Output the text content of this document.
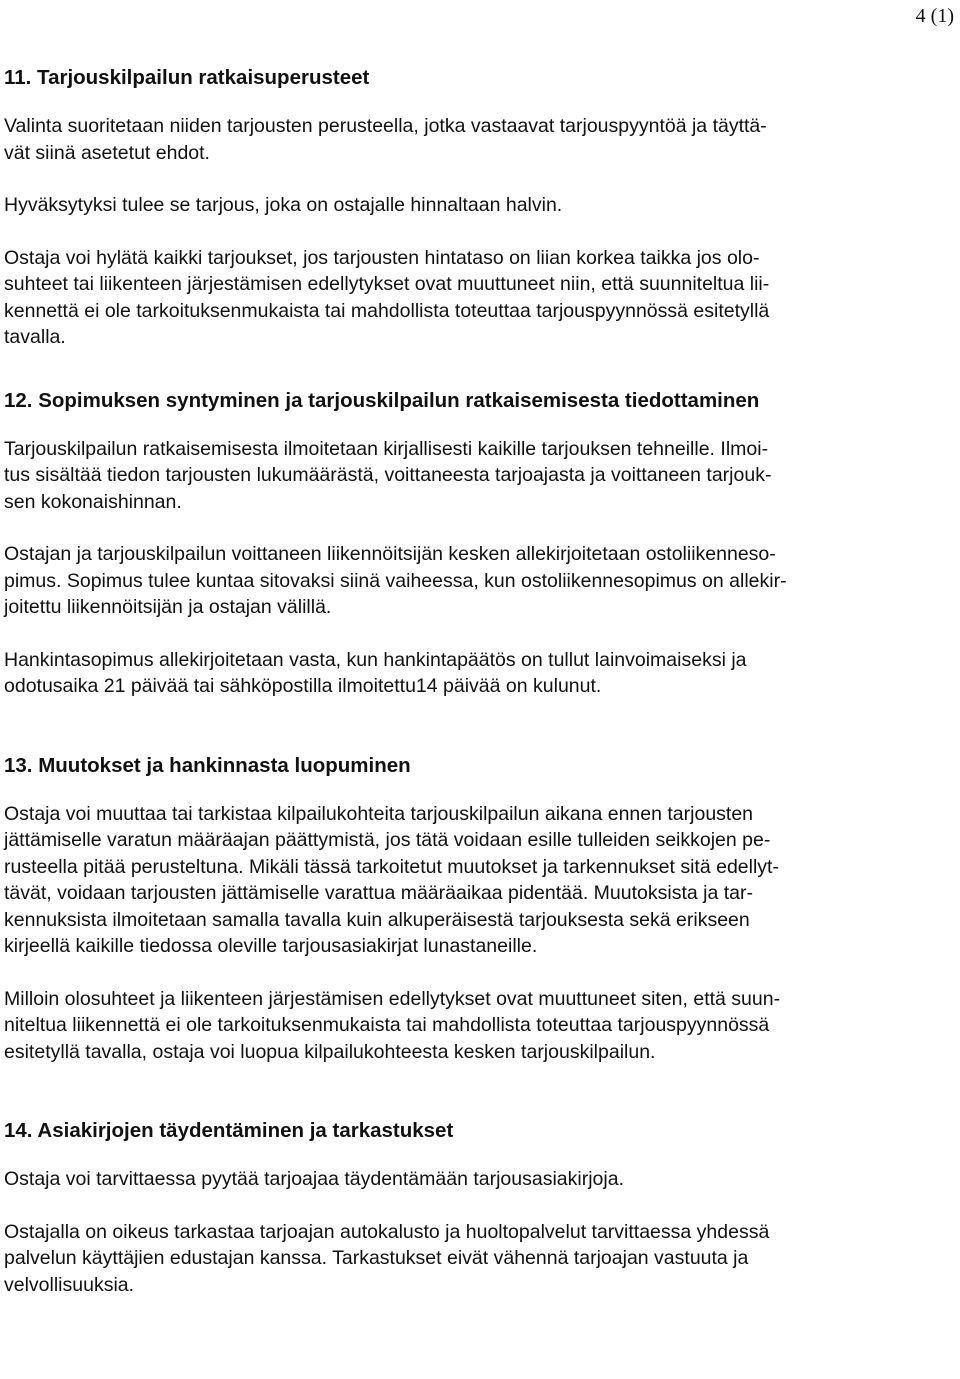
4 (1)
11. Tarjouskilpailun ratkaisuperusteet

Valinta suoritetaan niiden tarjousten perusteella, jotka vastaavat tarjouspyyntöä ja täyttä-
vät siinä asetetut ehdot.

Hyväksytyksi tulee se tarjous, joka on ostajalle hinnaltaan halvin.

Ostaja voi hylätä kaikki tarjoukset, jos tarjousten hintataso on liian korkea taikka jos olo-
suhteet tai liikenteen järjestämisen edellytykset ovat muuttuneet niin, että suunniteltua lii-
kennettä ei ole tarkoituksenmukaista tai mahdollista toteuttaa tarjouspyynnössä esitetyllä
tavalla.

12. Sopimuksen syntyminen ja tarjouskilpailun ratkaisemisesta tiedottaminen

Tarjouskilpailun ratkaisemisesta ilmoitetaan kirjallisesti kaikille tarjouksen tehneille. Ilmoi-
tus sisältää tiedon tarjousten lukumäärästä, voittaneesta tarjoajasta ja voittaneen tarjouk-
sen kokonaishinnan.

Ostajan ja tarjouskilpailun voittaneen liikennöitsijän kesken allekirjoitetaan ostoliikenneso-
pimus. Sopimus tulee kuntaa sitovaksi siinä vaiheessa, kun ostoliikennesopimus on allekir-
joitettu liikennöitsijän ja ostajan välillä.

Hankintasopimus allekirjoitetaan vasta, kun hankintapäätös on tullut lainvoimaiseksi ja
odotusaika 21 päivää tai sähköpostilla ilmoitettu14 päivää on kulunut.

13. Muutokset ja hankinnasta luopuminen

Ostaja voi muuttaa tai tarkistaa kilpailukohteita tarjouskilpailun aikana ennen tarjousten
jättämiselle varatun määräajan päättymistä, jos tätä voidaan esille tulleiden seikkojen pe-
rusteella pitää perusteltuna. Mikäli tässä tarkoitetut muutokset ja tarkennukset sitä edellyt-
tävät, voidaan tarjousten jättämiselle varattua määräaikaa pidentää. Muutoksista ja tar-
kennuksista ilmoitetaan samalla tavalla kuin alkuperäisestä tarjouksesta sekä erikseen
kirjeellä kaikille tiedossa oleville tarjousasiakirjat lunastaneille.

Milloin olosuhteet ja liikenteen järjestämisen edellytykset ovat muuttuneet siten, että suun-
niteltua liikennettä ei ole tarkoituksenmukaista tai mahdollista toteuttaa tarjouspyynnössä
esitetyllä tavalla, ostaja voi luopua kilpailukohteesta kesken tarjouskilpailun.

14. Asiakirjojen täydentäminen ja tarkastukset

Ostaja voi tarvittaessa pyytää tarjoajaa täydentämään tarjousasiakirjoja.

Ostajalla on oikeus tarkastaa tarjoajan autokalusto ja huoltopalvelut tarvittaessa yhdessä
palvelun käyttäjien edustajan kanssa. Tarkastukset eivät vähennä tarjoajan vastuuta ja
velvollisuuksia.
